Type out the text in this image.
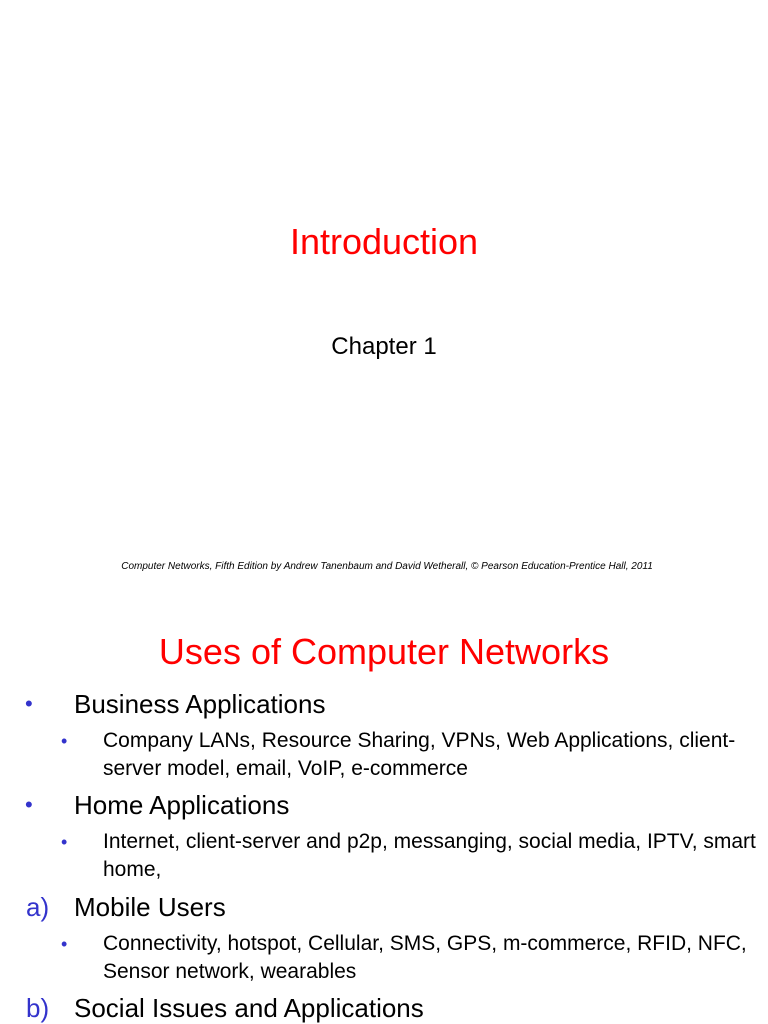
Introduction
Chapter 1
Computer Networks, Fifth Edition by Andrew Tanenbaum and David Wetherall, © Pearson Education-Prentice Hall, 2011
Uses of Computer Networks
• Business Applications
• Company LANs, Resource Sharing, VPNs, Web Applications, client-server model, email, VoIP, e-commerce
• Home Applications
• Internet, client-server and p2p, messanging, social media, IPTV, smart home,
a) Mobile Users
• Connectivity, hotspot, Cellular, SMS, GPS, m-commerce, RFID, NFC, Sensor network, wearables
b) Social Issues and Applications
